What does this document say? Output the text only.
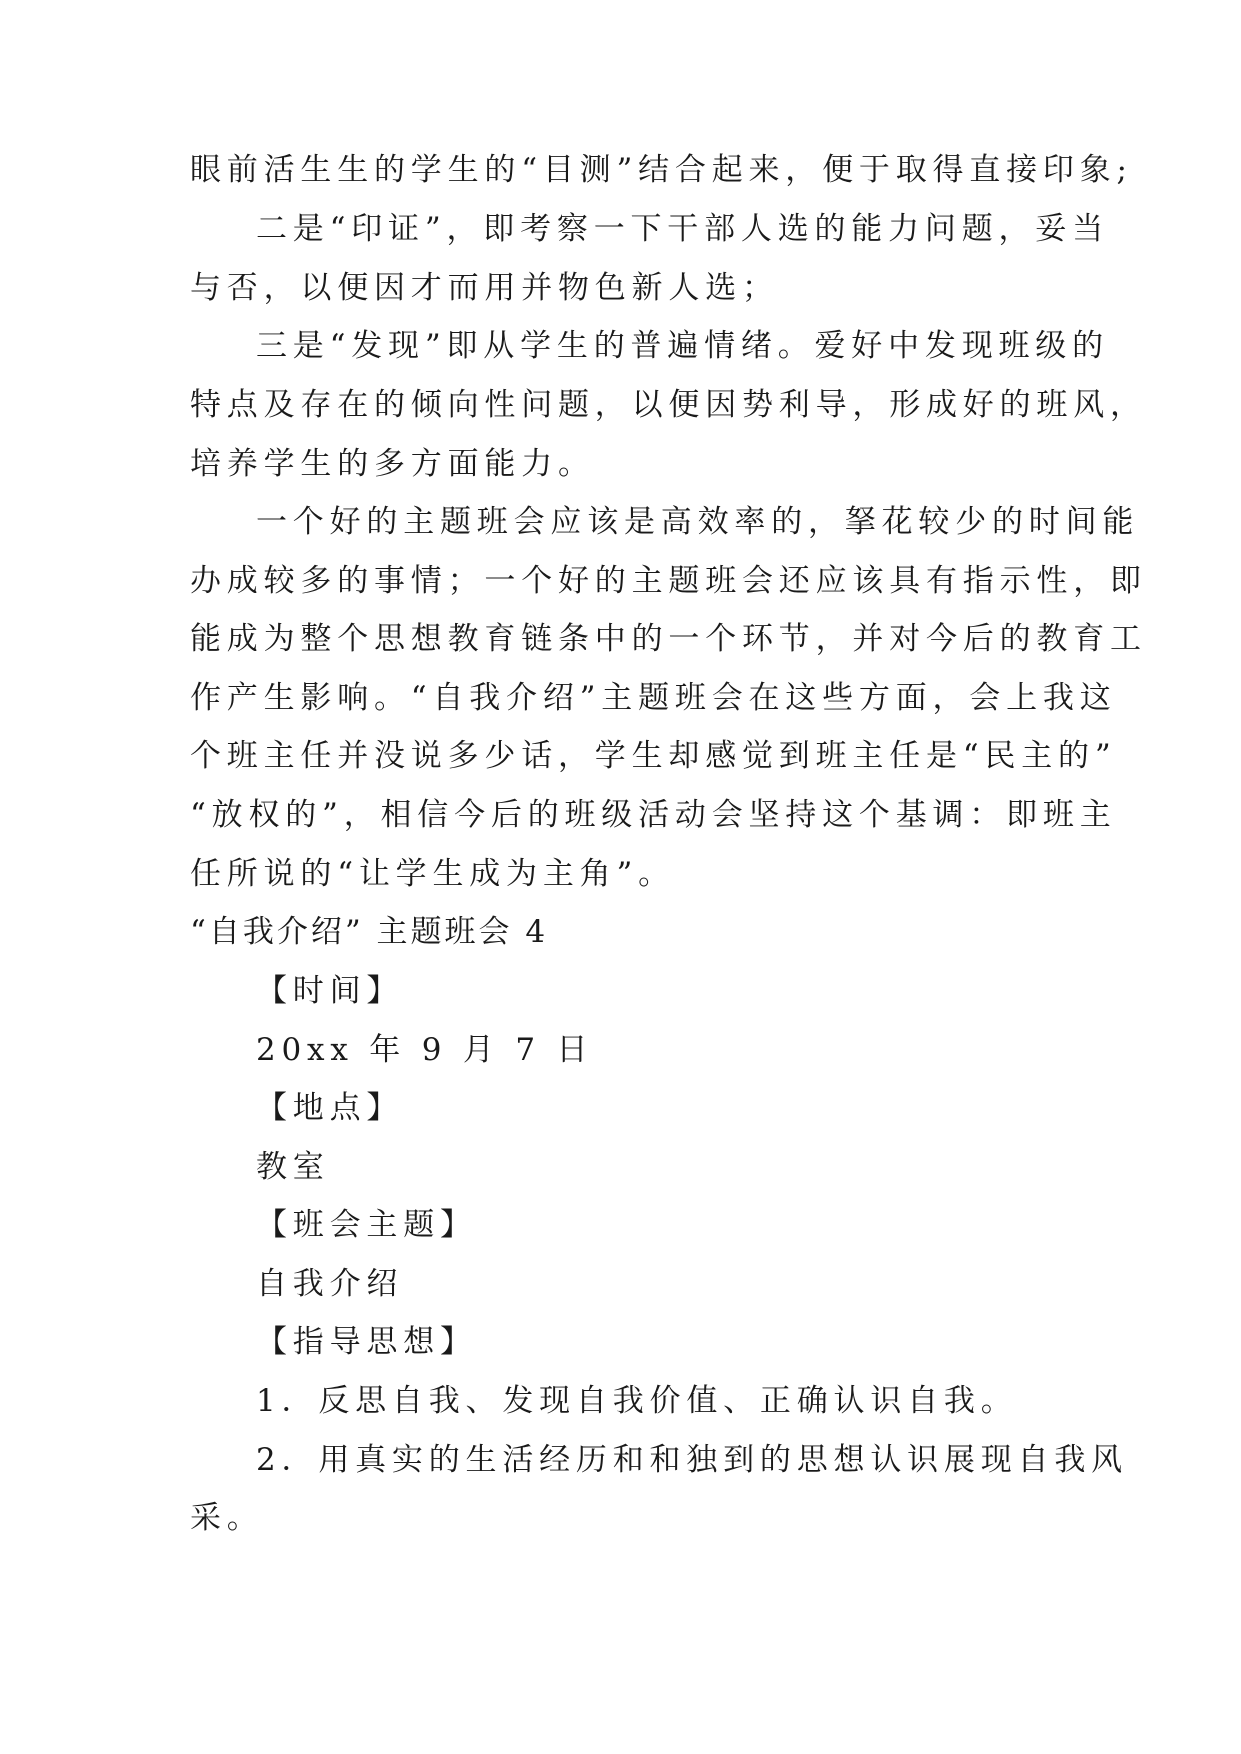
眼前活生生的学生的“目测”结合起来，便于取得直接印象;
二是“印证”，即考察一下干部人选的能力问题，妥当
与否，以便因才而用并物色新人选；
三是“发现”即从学生的普遍情绪。爱好中发现班级的
特点及存在的倾向性问题，以便因势利导，形成好的班风，
培养学生的多方面能力。
一个好的主题班会应该是高效率的，拏花较少的时间能
办成较多的事情；一个好的主题班会还应该具有指示性，即
能成为整个思想教育链条中的一个环节，并对今后的教育工
作产生影响。“自我介绍”主题班会在这些方面，会上我这
个班主任并没说多少话，学生却感觉到班主任是“民主的”
“放权的”，相信今后的班级活动会坚持这个基调：即班主
任所说的“让学生成为主角”。
“自我介绍” 主题班会 4
【时间】
20xx 年 9 月 7 日
【地点】
教室
【班会主题】
自我介绍
【指导思想】
1．反思自我、发现自我价值、正确认识自我。
2．用真实的生活经历和和独到的思想认识展现自我风
采。
